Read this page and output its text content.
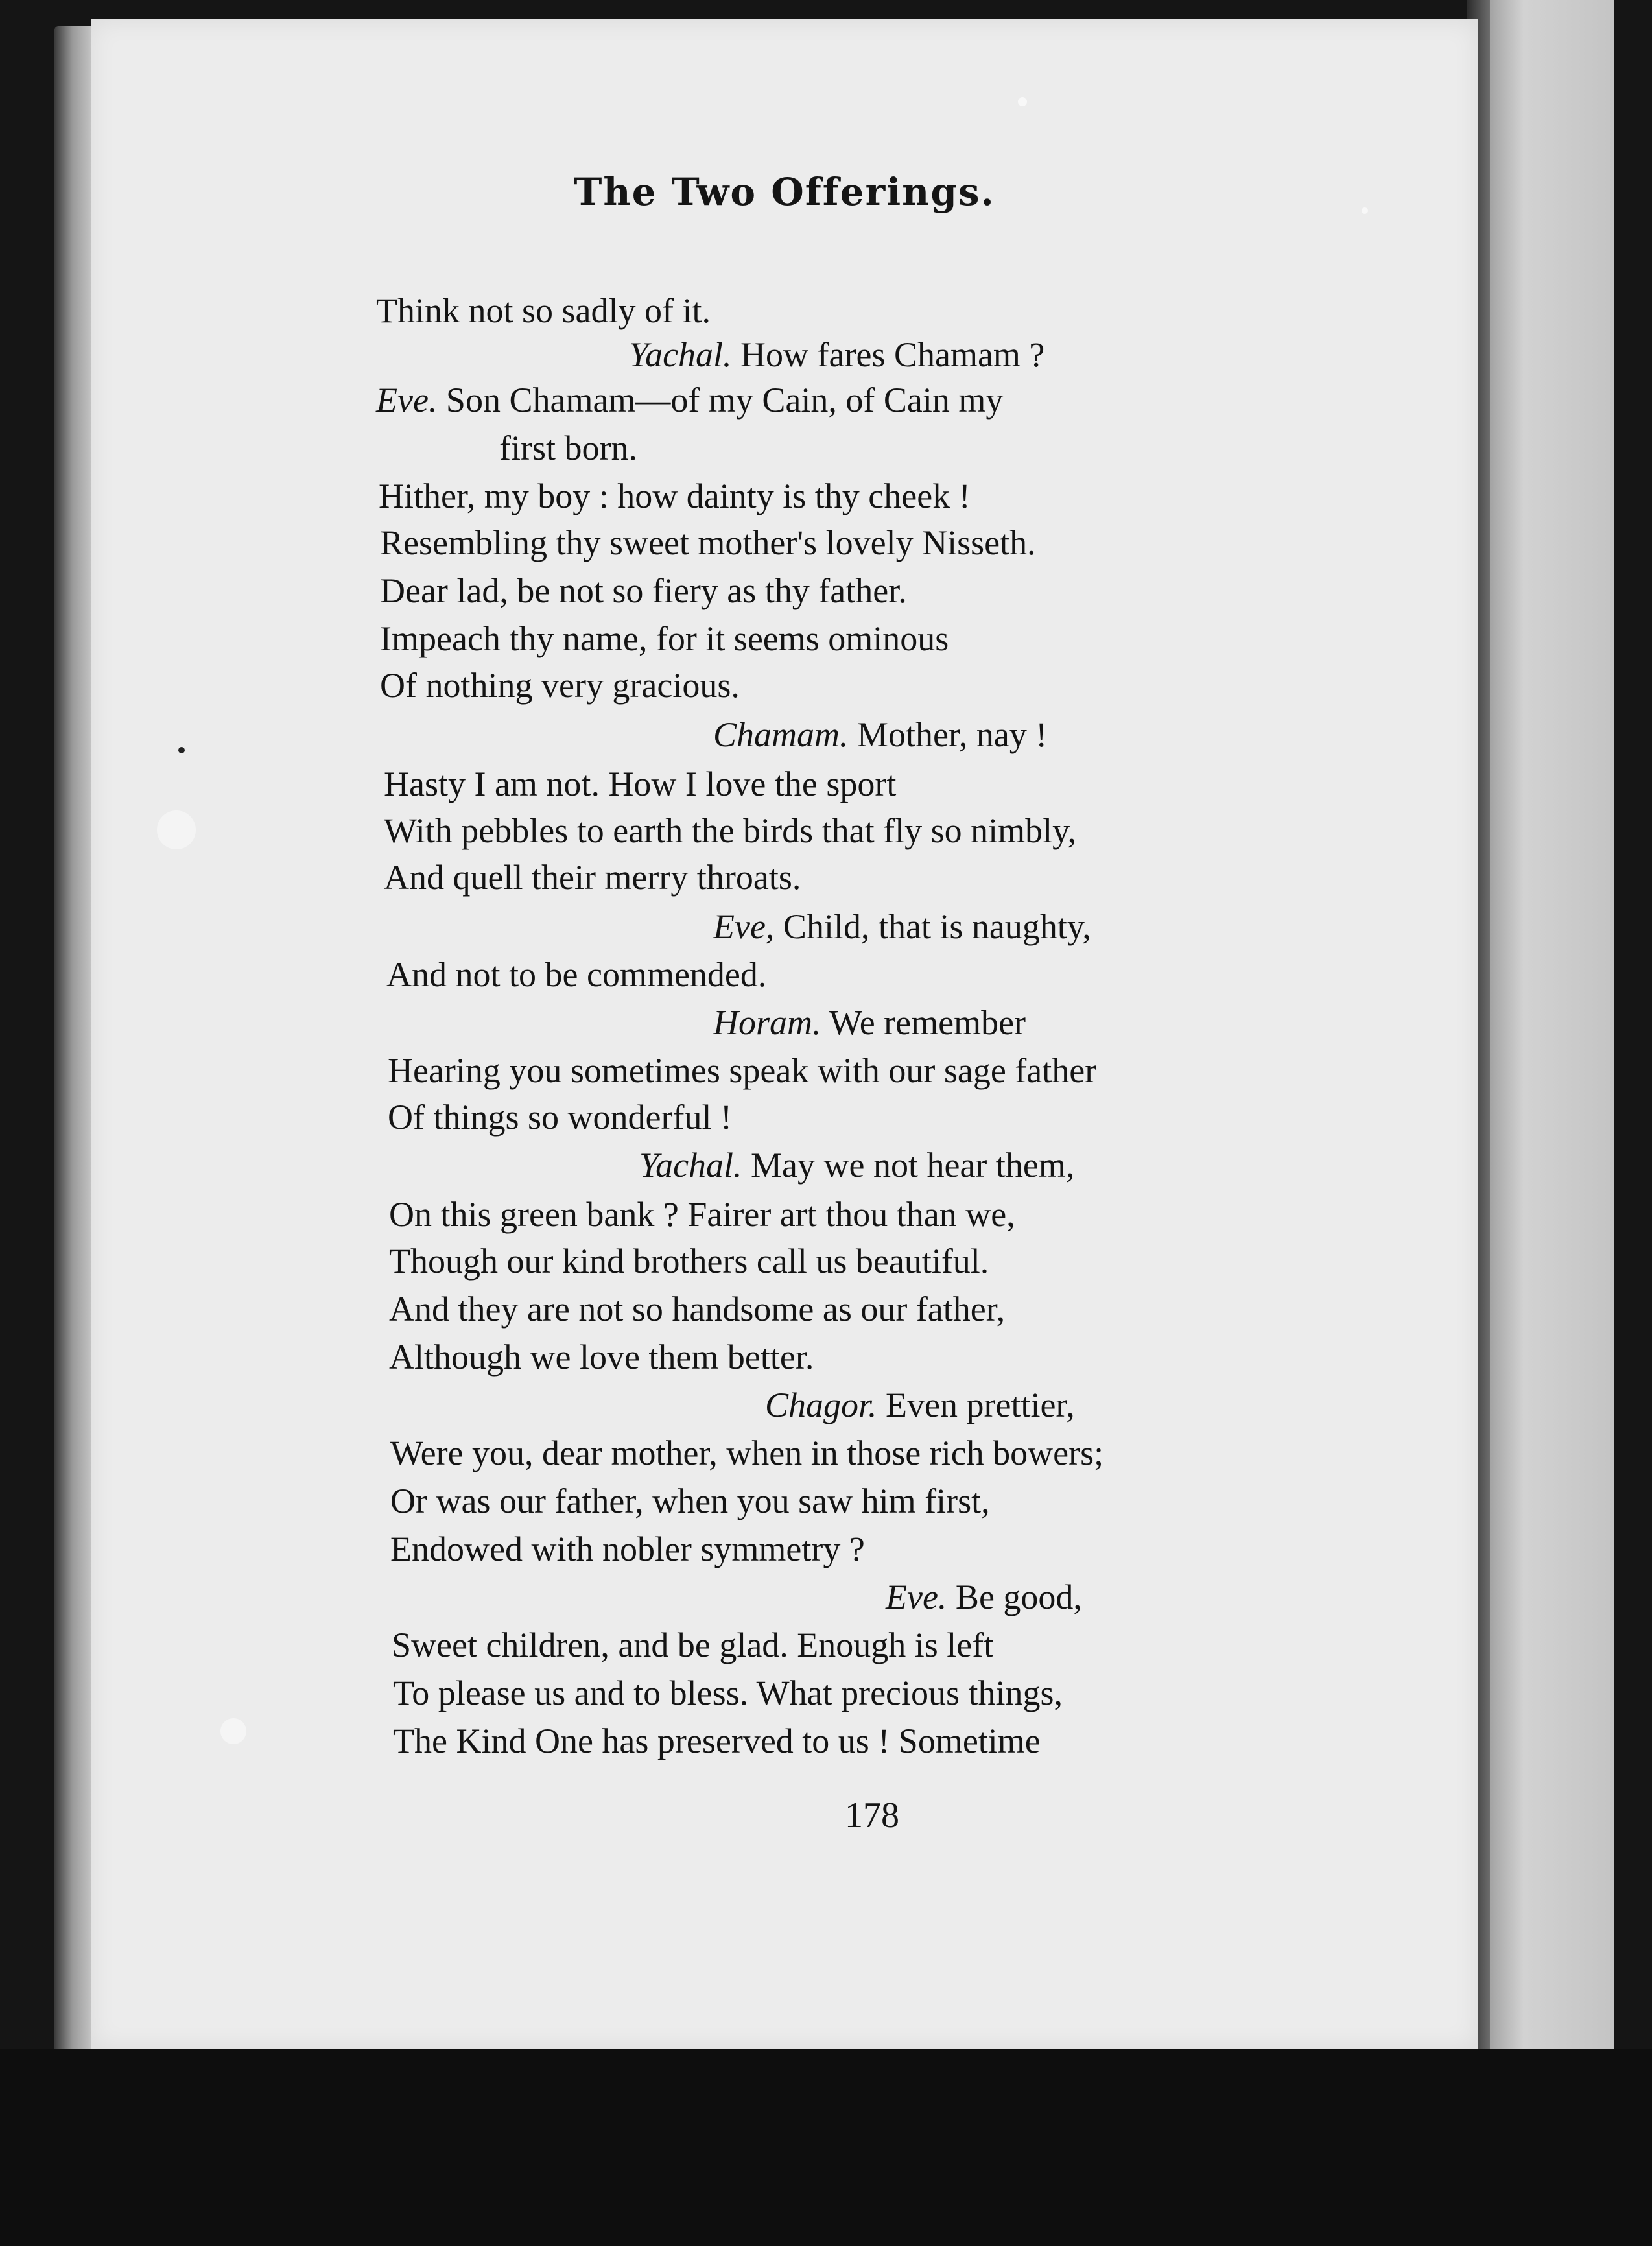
The Two Offerings.
Think not so sadly of it.
Yachal. How fares Chamam ?
Eve. Son Chamam—of my Cain, of Cain my
first born.
Hither, my boy : how dainty is thy cheek !
Resembling thy sweet mother's lovely Nisseth.
Dear lad, be not so fiery as thy father.
Impeach thy name, for it seems ominous
Of nothing very gracious.
Chamam. Mother, nay !
Hasty I am not. How I love the sport
With pebbles to earth the birds that fly so nimbly,
And quell their merry throats.
Eve, Child, that is naughty,
And not to be commended.
Horam. We remember
Hearing you sometimes speak with our sage father
Of things so wonderful !
Yachal. May we not hear them,
On this green bank ? Fairer art thou than we,
Though our kind brothers call us beautiful.
And they are not so handsome as our father,
Although we love them better.
Chagor. Even prettier,
Were you, dear mother, when in those rich bowers;
Or was our father, when you saw him first,
Endowed with nobler symmetry ?
Eve. Be good,
Sweet children, and be glad. Enough is left
To please us and to bless. What precious things,
The Kind One has preserved to us ! Sometime
178
